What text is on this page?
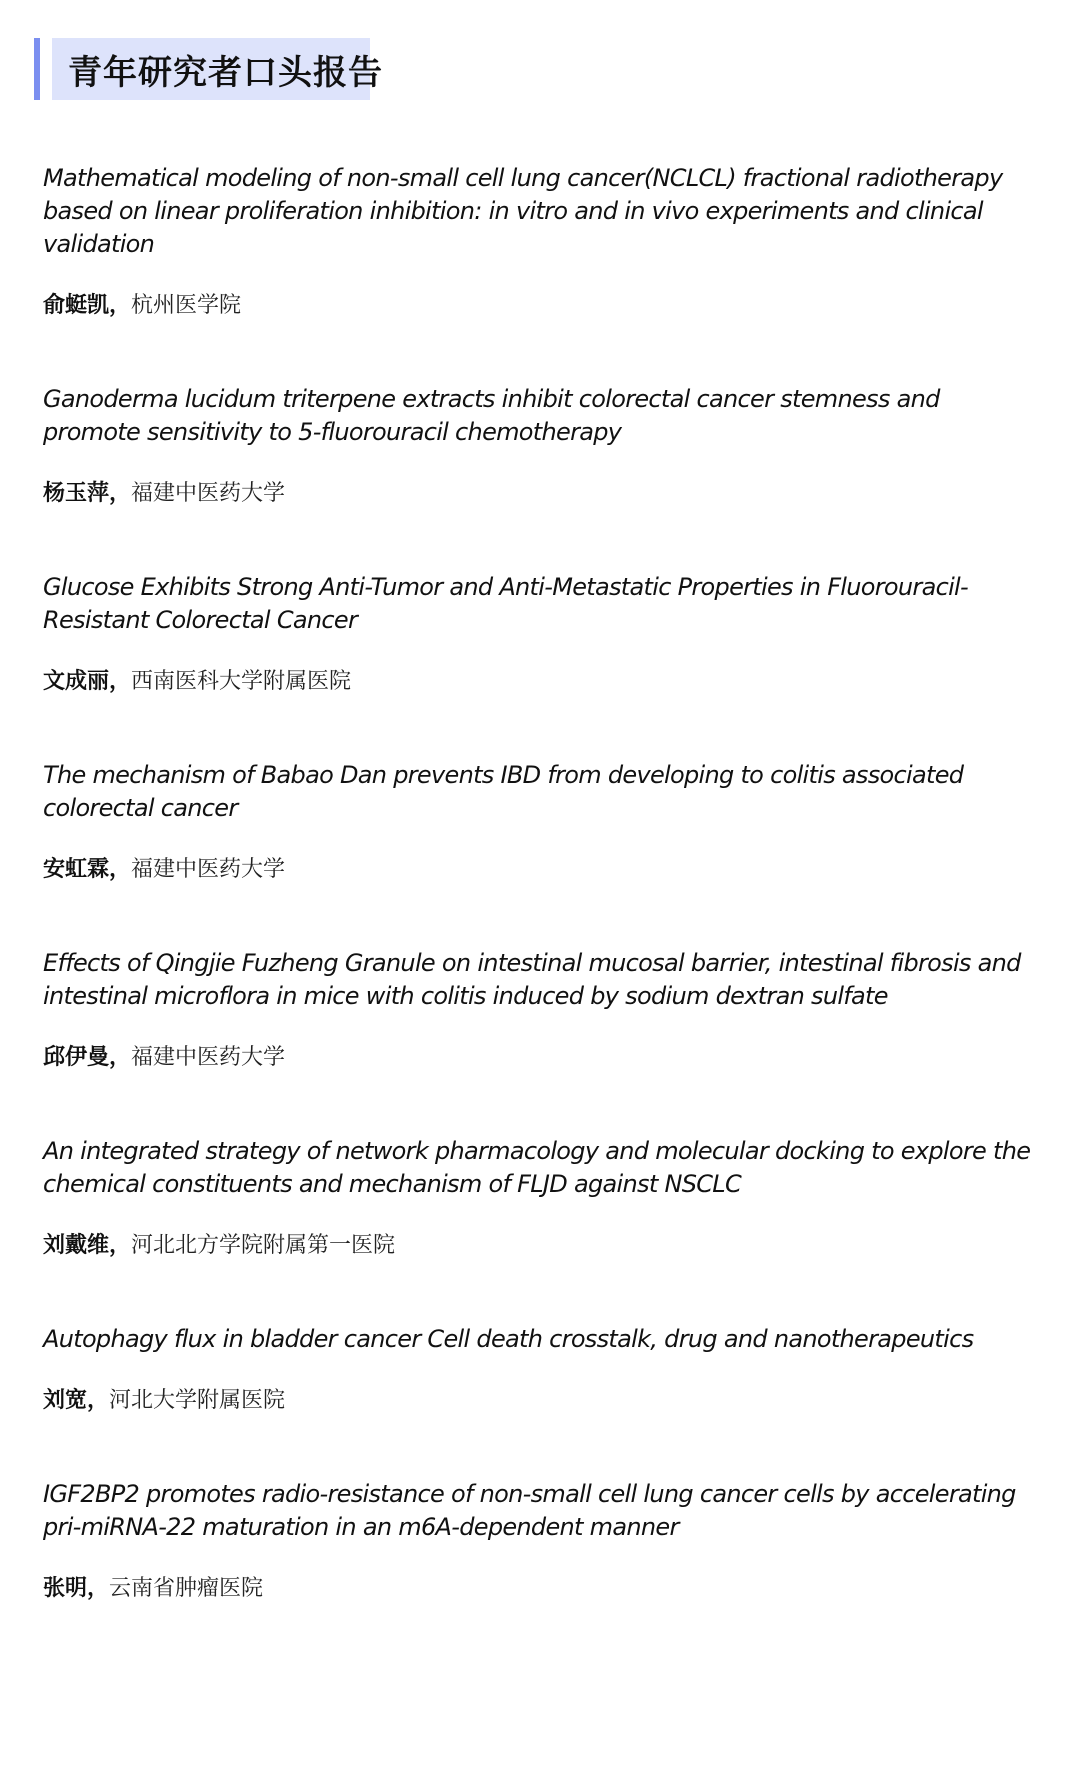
青年研究者口头报告

Mathematical modeling of non-small cell lung cancer(NCLCL) fractional radiotherapy based on linear proliferation inhibition: in vitro and in vivo experiments and clinical validation

俞蜓凯，杭州医学院

Ganoderma lucidum triterpene extracts inhibit colorectal cancer stemness and promote sensitivity to 5-fluorouracil chemotherapy

杨玉萍，福建中医药大学

Glucose Exhibits Strong Anti-Tumor and Anti-Metastatic Properties in Fluorouracil-Resistant Colorectal Cancer

文成丽，西南医科大学附属医院

The mechanism of Babao Dan prevents IBD from developing to colitis associated colorectal cancer

安虹霖，福建中医药大学

Effects of Qingjie Fuzheng Granule on intestinal mucosal barrier, intestinal fibrosis and intestinal microflora in mice with colitis induced by sodium dextran sulfate

邱伊曼，福建中医药大学

An integrated strategy of network pharmacology and molecular docking to explore the chemical constituents and mechanism of FLJD against NSCLC

刘戴维，河北北方学院附属第一医院

Autophagy flux in bladder cancer Cell death crosstalk, drug and nanotherapeutics

刘宽，河北大学附属医院

IGF2BP2 promotes radio-resistance of non-small cell lung cancer cells by accelerating pri-miRNA-22 maturation in an m6A-dependent manner

张明，云南省肿瘤医院
